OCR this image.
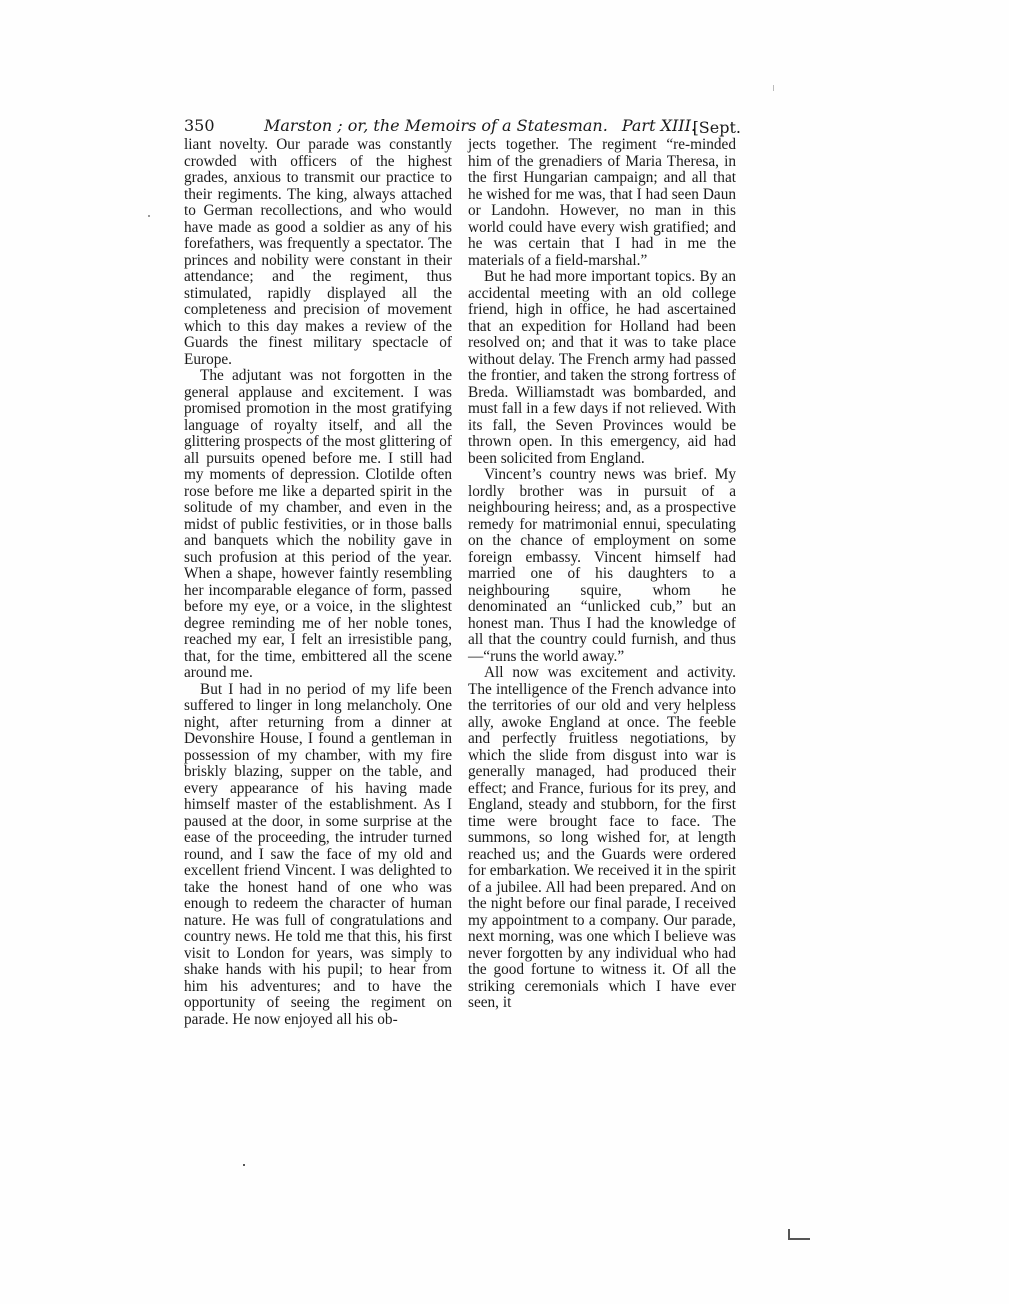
350	Marston ; or, the Memoirs of a Statesman. Part XIII.
[Sept.

liant novelty. Our parade was constantly crowded with officers of the highest grades, anxious to transmit our practice to their regiments. The king, always attached to German recollections, and who would have made as good a soldier as any of his forefathers, was frequently a spectator. The princes and nobility were constant in their attendance; and the regiment, thus stimulated, rapidly displayed all the completeness and precision of movement which to this day makes a review of the Guards the finest military spectacle of Europe.

The adjutant was not forgotten in the general applause and excitement. I was promised promotion in the most gratifying language of royalty itself, and all the glittering prospects of the most glittering of all pursuits opened before me. I still had my moments of depression. Clotilde often rose before me like a departed spirit in the solitude of my chamber, and even in the midst of public festivities, or in those balls and banquets which the nobility gave in such profusion at this period of the year. When a shape, however faintly resembling her incomparable elegance of form, passed before my eye, or a voice, in the slightest degree reminding me of her noble tones, reached my ear, I felt an irresistible pang, that, for the time, embittered all the scene around me.

But I had in no period of my life been suffered to linger in long melancholy. One night, after returning from a dinner at Devonshire House, I found a gentleman in possession of my chamber, with my fire briskly blazing, supper on the table, and every appearance of his having made himself master of the establishment. As I paused at the door, in some surprise at the ease of the proceeding, the intruder turned round, and I saw the face of my old and excellent friend Vincent. I was delighted to take the honest hand of one who was enough to redeem the character of human nature. He was full of congratulations and country news. He told me that this, his first visit to London for years, was simply to shake hands with his pupil; to hear from him his adventures; and to have the opportunity of seeing the regiment on parade. He now enjoyed all his ob-

jects together. The regiment “re-minded him of the grenadiers of Maria Theresa, in the first Hungarian campaign; and all that he wished for me was, that I had seen Daun or Landohn. However, no man in this world could have every wish gratified; and he was certain that I had in me the materials of a field-marshal.”

But he had more important topics. By an accidental meeting with an old college friend, high in office, he had ascertained that an expedition for Holland had been resolved on; and that it was to take place without delay. The French army had passed the frontier, and taken the strong fortress of Breda. Williamstadt was bombarded, and must fall in a few days if not relieved. With its fall, the Seven Provinces would be thrown open. In this emergency, aid had been solicited from England.

Vincent’s country news was brief. My lordly brother was in pursuit of a neighbouring heiress; and, as a prospective remedy for matrimonial ennui, speculating on the chance of employment on some foreign embassy. Vincent himself had married one of his daughters to a neighbouring squire, whom he denominated an “unlicked cub,” but an honest man. Thus I had the knowledge of all that the country could furnish, and thus—“runs the world away.”

All now was excitement and activity. The intelligence of the French advance into the territories of our old and very helpless ally, awoke England at once. The feeble and perfectly fruitless negotiations, by which the slide from disgust into war is generally managed, had produced their effect; and France, furious for its prey, and England, steady and stubborn, for the first time were brought face to face. The summons, so long wished for, at length reached us; and the Guards were ordered for embarkation. We received it in the spirit of a jubilee. All had been prepared. And on the night before our final parade, I received my appointment to a company. Our parade, next morning, was one which I believe was never forgotten by any individual who had the good fortune to witness it. Of all the striking ceremonials which I have ever seen, it
